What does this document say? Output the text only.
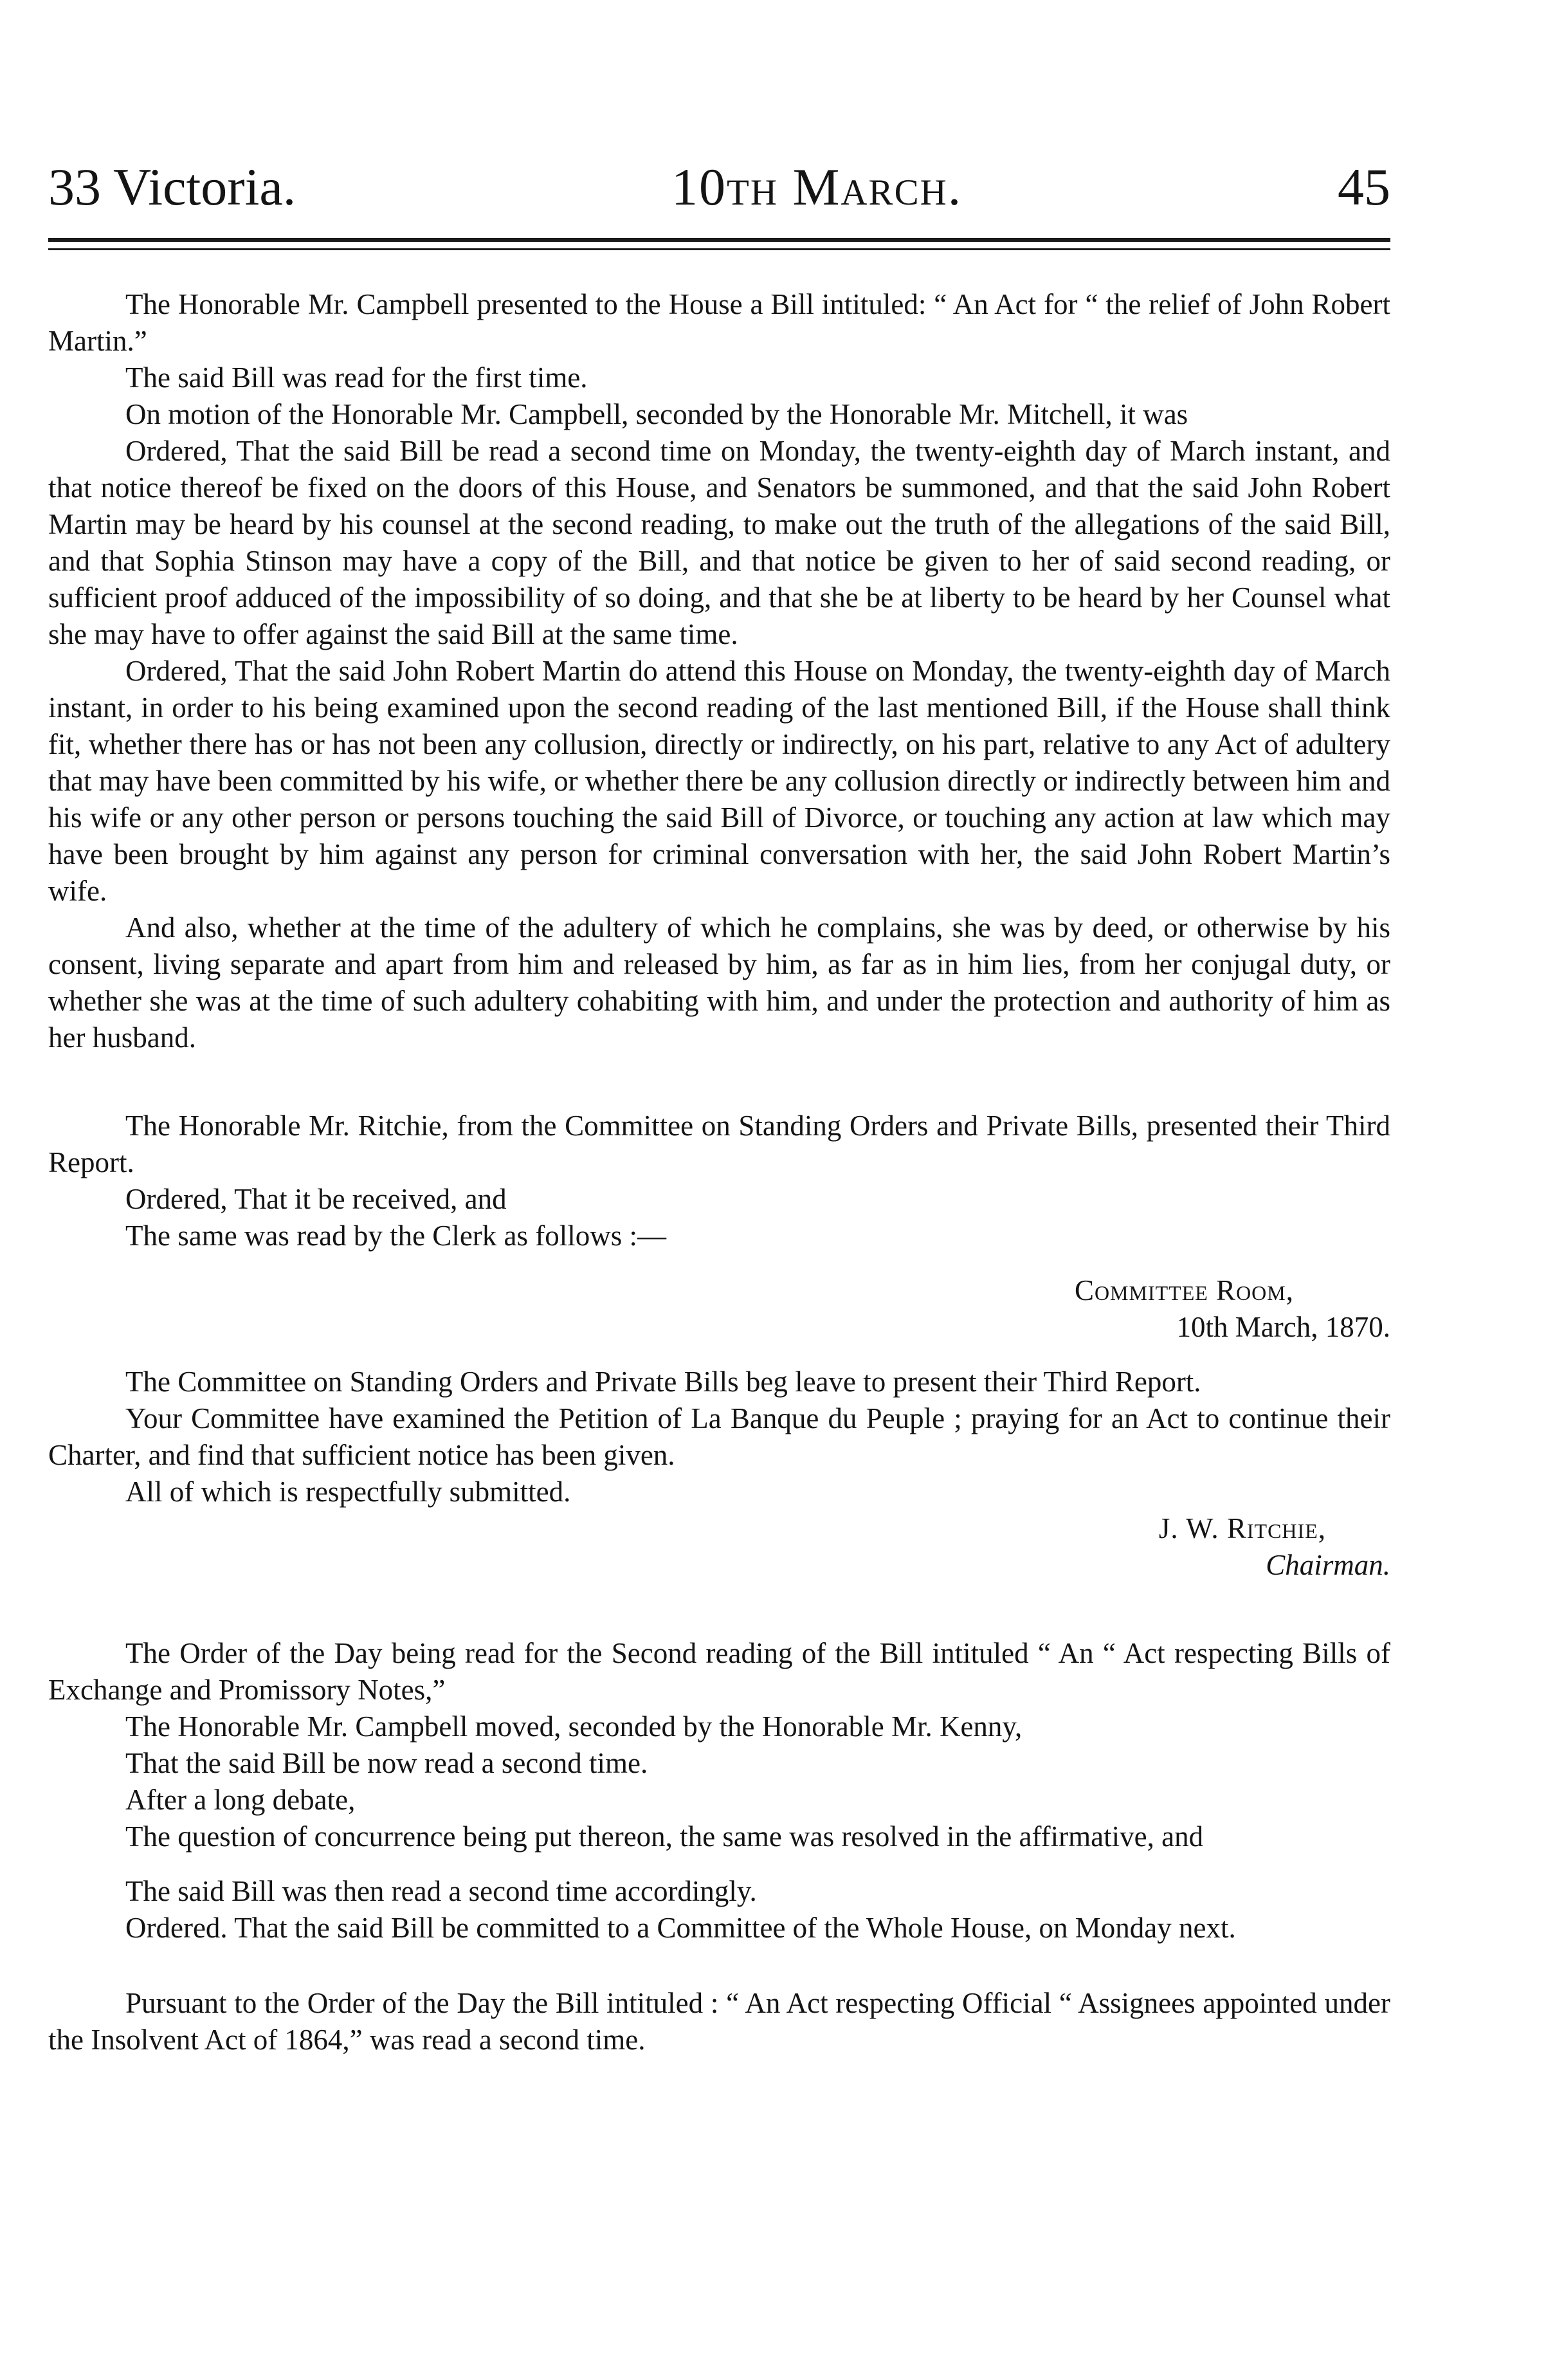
33 Victoria.	10th March.	45

The Honorable Mr. Campbell presented to the House a Bill intituled: “ An Act for “ the relief of John Robert Martin.”

The said Bill was read for the first time.

On motion of the Honorable Mr. Campbell, seconded by the Honorable Mr. Mitchell, it was

Ordered, That the said Bill be read a second time on Monday, the twenty-eighth day of March instant, and that notice thereof be fixed on the doors of this House, and Senators be summoned, and that the said John Robert Martin may be heard by his counsel at the second reading, to make out the truth of the allegations of the said Bill, and that Sophia Stinson may have a copy of the Bill, and that notice be given to her of said second reading, or sufficient proof adduced of the impossibility of so doing, and that she be at liberty to be heard by her Counsel what she may have to offer against the said Bill at the same time.

Ordered, That the said John Robert Martin do attend this House on Monday, the twenty-eighth day of March instant, in order to his being examined upon the second reading of the last mentioned Bill, if the House shall think fit, whether there has or has not been any collusion, directly or indirectly, on his part, relative to any Act of adultery that may have been committed by his wife, or whether there be any collusion directly or indirectly between him and his wife or any other person or persons touching the said Bill of Divorce, or touching any action at law which may have been brought by him against any person for criminal conversation with her, the said John Robert Martin’s wife.

And also, whether at the time of the adultery of which he complains, she was by deed, or otherwise by his consent, living separate and apart from him and released by him, as far as in him lies, from her conjugal duty, or whether she was at the time of such adultery cohabiting with him, and under the protection and authority of him as her husband.

The Honorable Mr. Ritchie, from the Committee on Standing Orders and Private Bills, presented their Third Report.

Ordered, That it be received, and

The same was read by the Clerk as follows :—

Committee Room,

10th March, 1870.

The Committee on Standing Orders and Private Bills beg leave to present their Third Report.

Your Committee have examined the Petition of La Banque du Peuple ; praying for an Act to continue their Charter, and find that sufficient notice has been given.

All of which is respectfully submitted.

J. W. Ritchie,

Chairman.

The Order of the Day being read for the Second reading of the Bill intituled “ An “ Act respecting Bills of Exchange and Promissory Notes,”

The Honorable Mr. Campbell moved, seconded by the Honorable Mr. Kenny,

That the said Bill be now read a second time.

After a long debate,

The question of concurrence being put thereon, the same was resolved in the affirmative, and

The said Bill was then read a second time accordingly.

Ordered. That the said Bill be committed to a Committee of the Whole House, on Monday next.

Pursuant to the Order of the Day the Bill intituled : “ An Act respecting Official “ Assignees appointed under the Insolvent Act of 1864,” was read a second time.
